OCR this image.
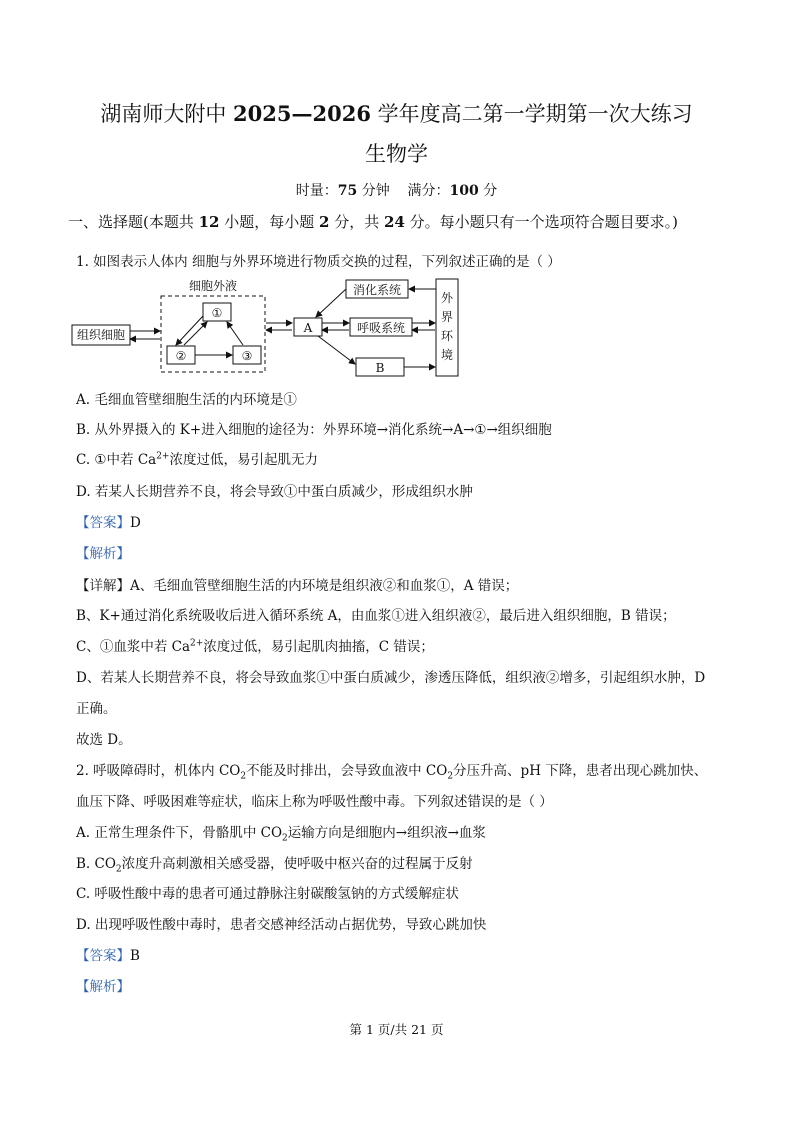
湖南师大附中 2025—2026 学年度高二第一学期第一次大练习
生物学
时量：75 分钟 满分：100 分
一、选择题(本题共 12 小题，每小题 2 分，共 24 分。每小题只有一个选项符合题目要求。)
1. 如图表示人体内 细胞与外界环境进行物质交换的过程，下列叙述正确的是（ ）
细胞外液
组织细胞
①
②	③
A
消化系统
呼吸系统
B
外
界
环
境
A. 毛细血管壁细胞生活的内环境是①
B. 从外界摄入的 K+进入细胞的途径为：外界环境→消化系统→A→①→组织细胞
C. ①中若 $Ca^{2+}$浓度过低，易引起肌无力
D. 若某人长期营养不良，将会导致①中蛋白质减少，形成组织水肿
【答案】D
【解析】
【详解】A、毛细血管壁细胞生活的内环境是组织液②和血浆①，A 错误；
B、K+通过消化系统吸收后进入循环系统 A，由血浆①进入组织液②，最后进入组织细胞，B 错误；
C、①血浆中若 $Ca^{2+}$浓度过低，易引起肌肉抽搐，C 错误；
D、若某人长期营养不良，将会导致血浆①中蛋白质减少，渗透压降低，组织液②增多，引起组织水肿，D
正确。
故选 D。
2. 呼吸障碍时，机体内 $CO_2$不能及时排出，会导致血液中 $CO_2$分压升高、pH 下降，患者出现心跳加快、
血压下降、呼吸困难等症状，临床上称为呼吸性酸中毒。下列叙述错误的是（ ）
A. 正常生理条件下，骨骼肌中 $CO_2$运输方向是细胞内→组织液→血浆
B. $CO_2$浓度升高刺激相关感受器，使呼吸中枢兴奋的过程属于反射
C. 呼吸性酸中毒的患者可通过静脉注射碳酸氢钠的方式缓解症状
D. 出现呼吸性酸中毒时，患者交感神经活动占据优势，导致心跳加快
【答案】B
【解析】
第 1 页/共 21 页
